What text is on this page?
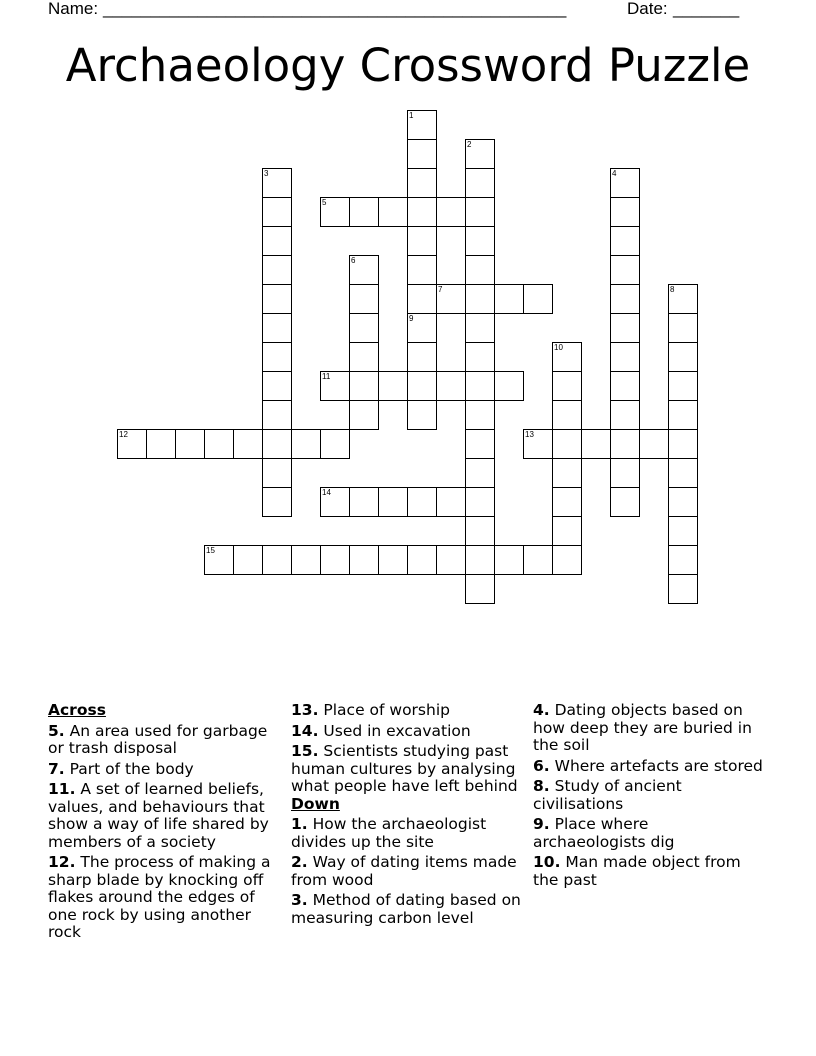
Name: _________________________________________________	Date: _______
Archaeology Crossword Puzzle
1
9
2
3	4
5
6
7	8
10
11
12	13
14
15
Across
5. An area used for garbage or trash disposal
7. Part of the body
11. A set of learned beliefs, values, and behaviours that show a way of life shared by members of a society
12. The process of making a sharp blade by knocking off flakes around the edges of one rock by using another rock
13. Place of worship
14. Used in excavation
15. Scientists studying past human cultures by analysing what people have left behind
Down
1. How the archaeologist divides up the site
2. Way of dating items made from wood
3. Method of dating based on measuring carbon level
4. Dating objects based on how deep they are buried in the soil
6. Where artefacts are stored
8. Study of ancient civilisations
9. Place where archaeologists dig
10. Man made object from the past
